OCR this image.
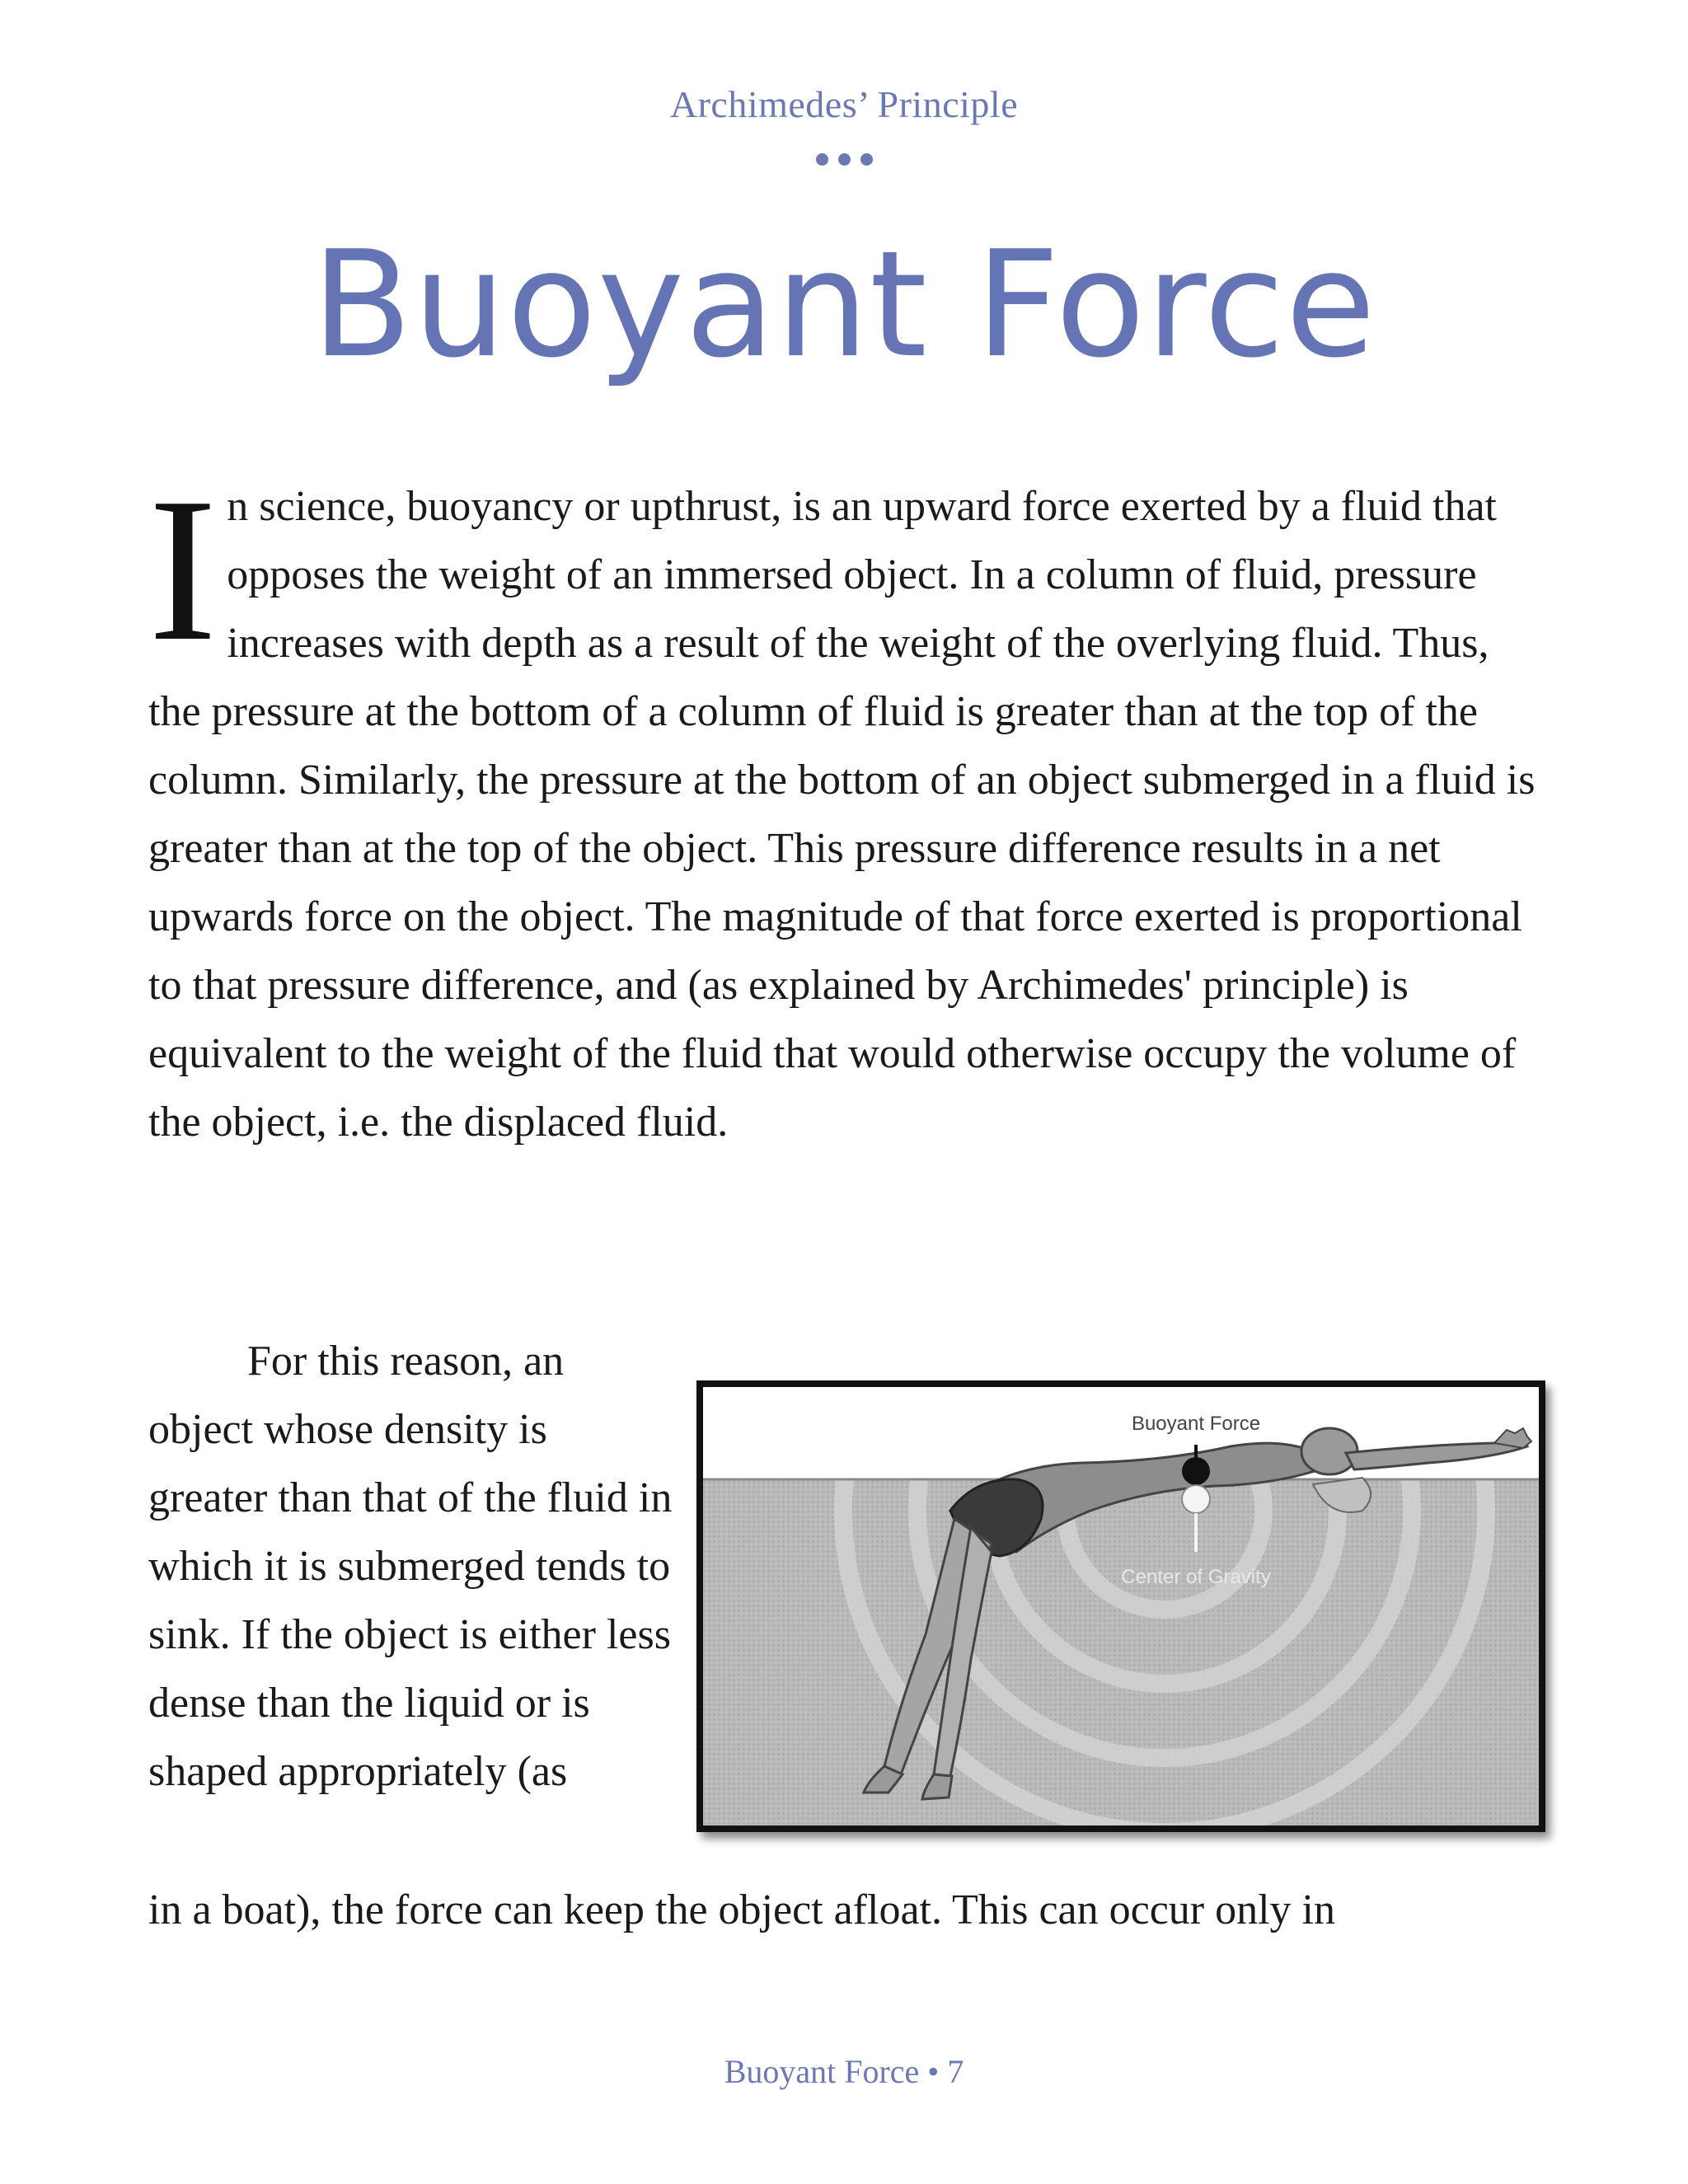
Archimedes’ Principle
Buoyant Force
In science, buoyancy or upthrust, is an upward force exerted by a fluid that opposes the weight of an immersed object. In a column of fluid, pressure increases with depth as a result of the weight of the overlying fluid. Thus, the pressure at the bottom of a column of fluid is greater than at the top of the column. Similarly, the pressure at the bottom of an object submerged in a fluid is greater than at the top of the object. This pressure difference results in a net upwards force on the object. The magnitude of that force exerted is proportional to that pressure difference, and (as explained by Archimedes' principle) is equivalent to the weight of the fluid that would otherwise occupy the volume of the object, i.e. the displaced fluid.
For this reason, an object whose density is greater than that of the fluid in which it is submerged tends to sink. If the object is either less dense than the liquid or is shaped appropriately (as
in a boat), the force can keep the object afloat. This can occur only in
Buoyant Force
Center of Gravity
Buoyant Force • 7
